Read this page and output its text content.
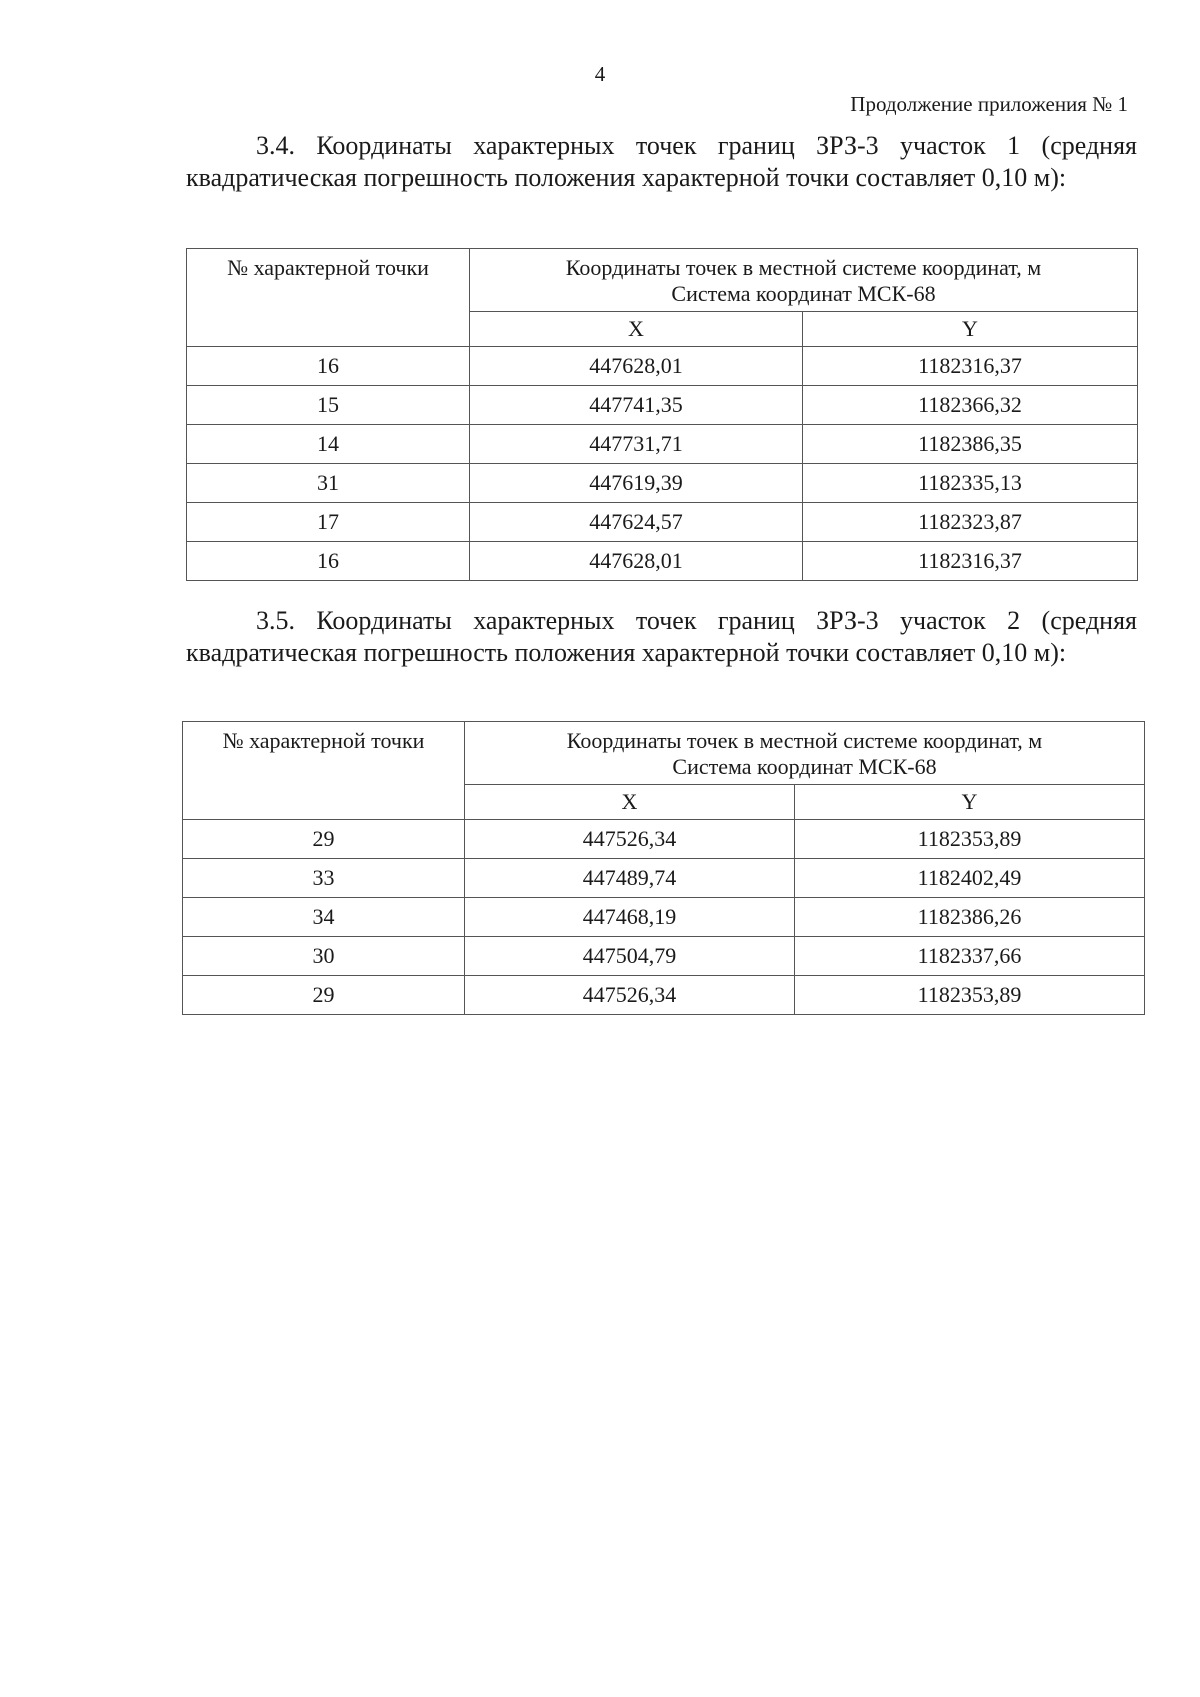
4
Продолжение приложения № 1
3.4. Координаты характерных точек границ ЗРЗ-3 участок 1 (средняя квадратическая погрешность положения характерной точки составляет 0,10 м):
№ характерной точки	Координаты точек в местной системе координат, м
Система координат МСК-68	

	X	Y
16	447628,01	1182316,37
15	447741,35	1182366,32
14	447731,71	1182386,35
31	447619,39	1182335,13
17	447624,57	1182323,87
16	447628,01	1182316,37
3.5. Координаты характерных точек границ ЗРЗ-3 участок 2 (средняя квадратическая погрешность положения характерной точки составляет 0,10 м):
№ характерной точки	Координаты точек в местной системе координат, м
Система координат МСК-68	

	X	Y
29	447526,34	1182353,89
33	447489,74	1182402,49
34	447468,19	1182386,26
30	447504,79	1182337,66
29	447526,34	1182353,89
